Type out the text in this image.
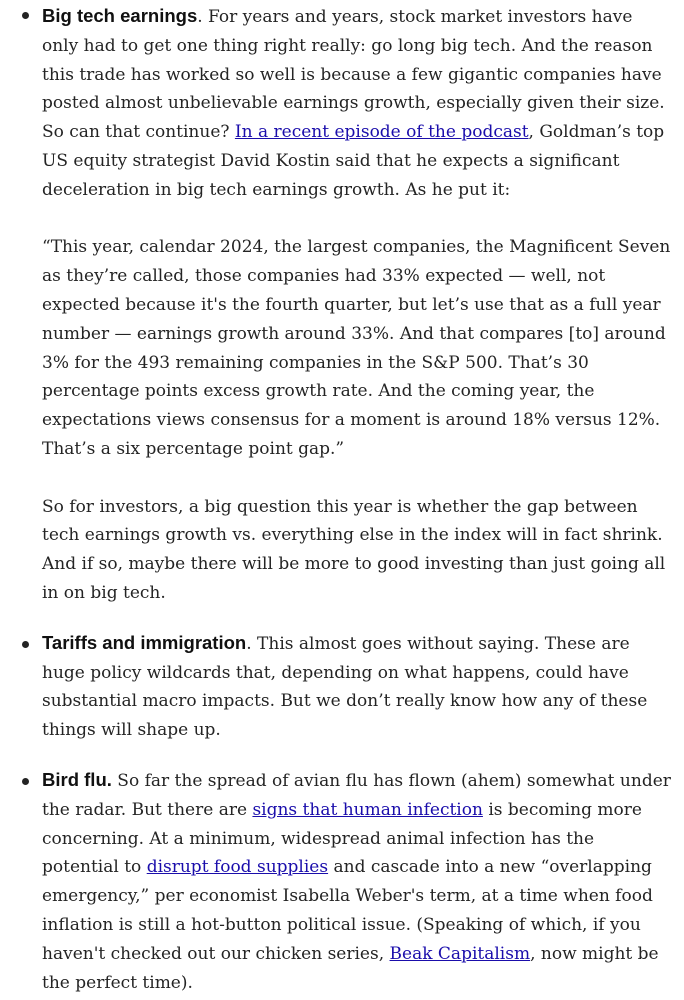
Big tech earnings. For years and years, stock market investors have only had to get one thing right really: go long big tech. And the reason this trade has worked so well is because a few gigantic companies have posted almost unbelievable earnings growth, especially given their size. So can that continue? In a recent episode of the podcast, Goldman’s top US equity strategist David Kostin said that he expects a significant deceleration in big tech earnings growth. As he put it:

“This year, calendar 2024, the largest companies, the Magnificent Seven as they’re called, those companies had 33% expected — well, not expected because it's the fourth quarter, but let’s use that as a full year number — earnings growth around 33%. And that compares [to] around 3% for the 493 remaining companies in the S&P 500. That’s 30 percentage points excess growth rate. And the coming year, the expectations views consensus for a moment is around 18% versus 12%. That’s a six percentage point gap.”

So for investors, a big question this year is whether the gap between tech earnings growth vs. everything else in the index will in fact shrink. And if so, maybe there will be more to good investing than just going all in on big tech.

Tariffs and immigration. This almost goes without saying. These are huge policy wildcards that, depending on what happens, could have substantial macro impacts. But we don’t really know how any of these things will shape up.

Bird flu. So far the spread of avian flu has flown (ahem) somewhat under the radar. But there are signs that human infection is becoming more concerning. At a minimum, widespread animal infection has the potential to disrupt food supplies and cascade into a new “overlapping emergency,” per economist Isabella Weber's term, at a time when food inflation is still a hot-button political issue. (Speaking of which, if you haven't checked out our chicken series, Beak Capitalism, now might be the perfect time).
